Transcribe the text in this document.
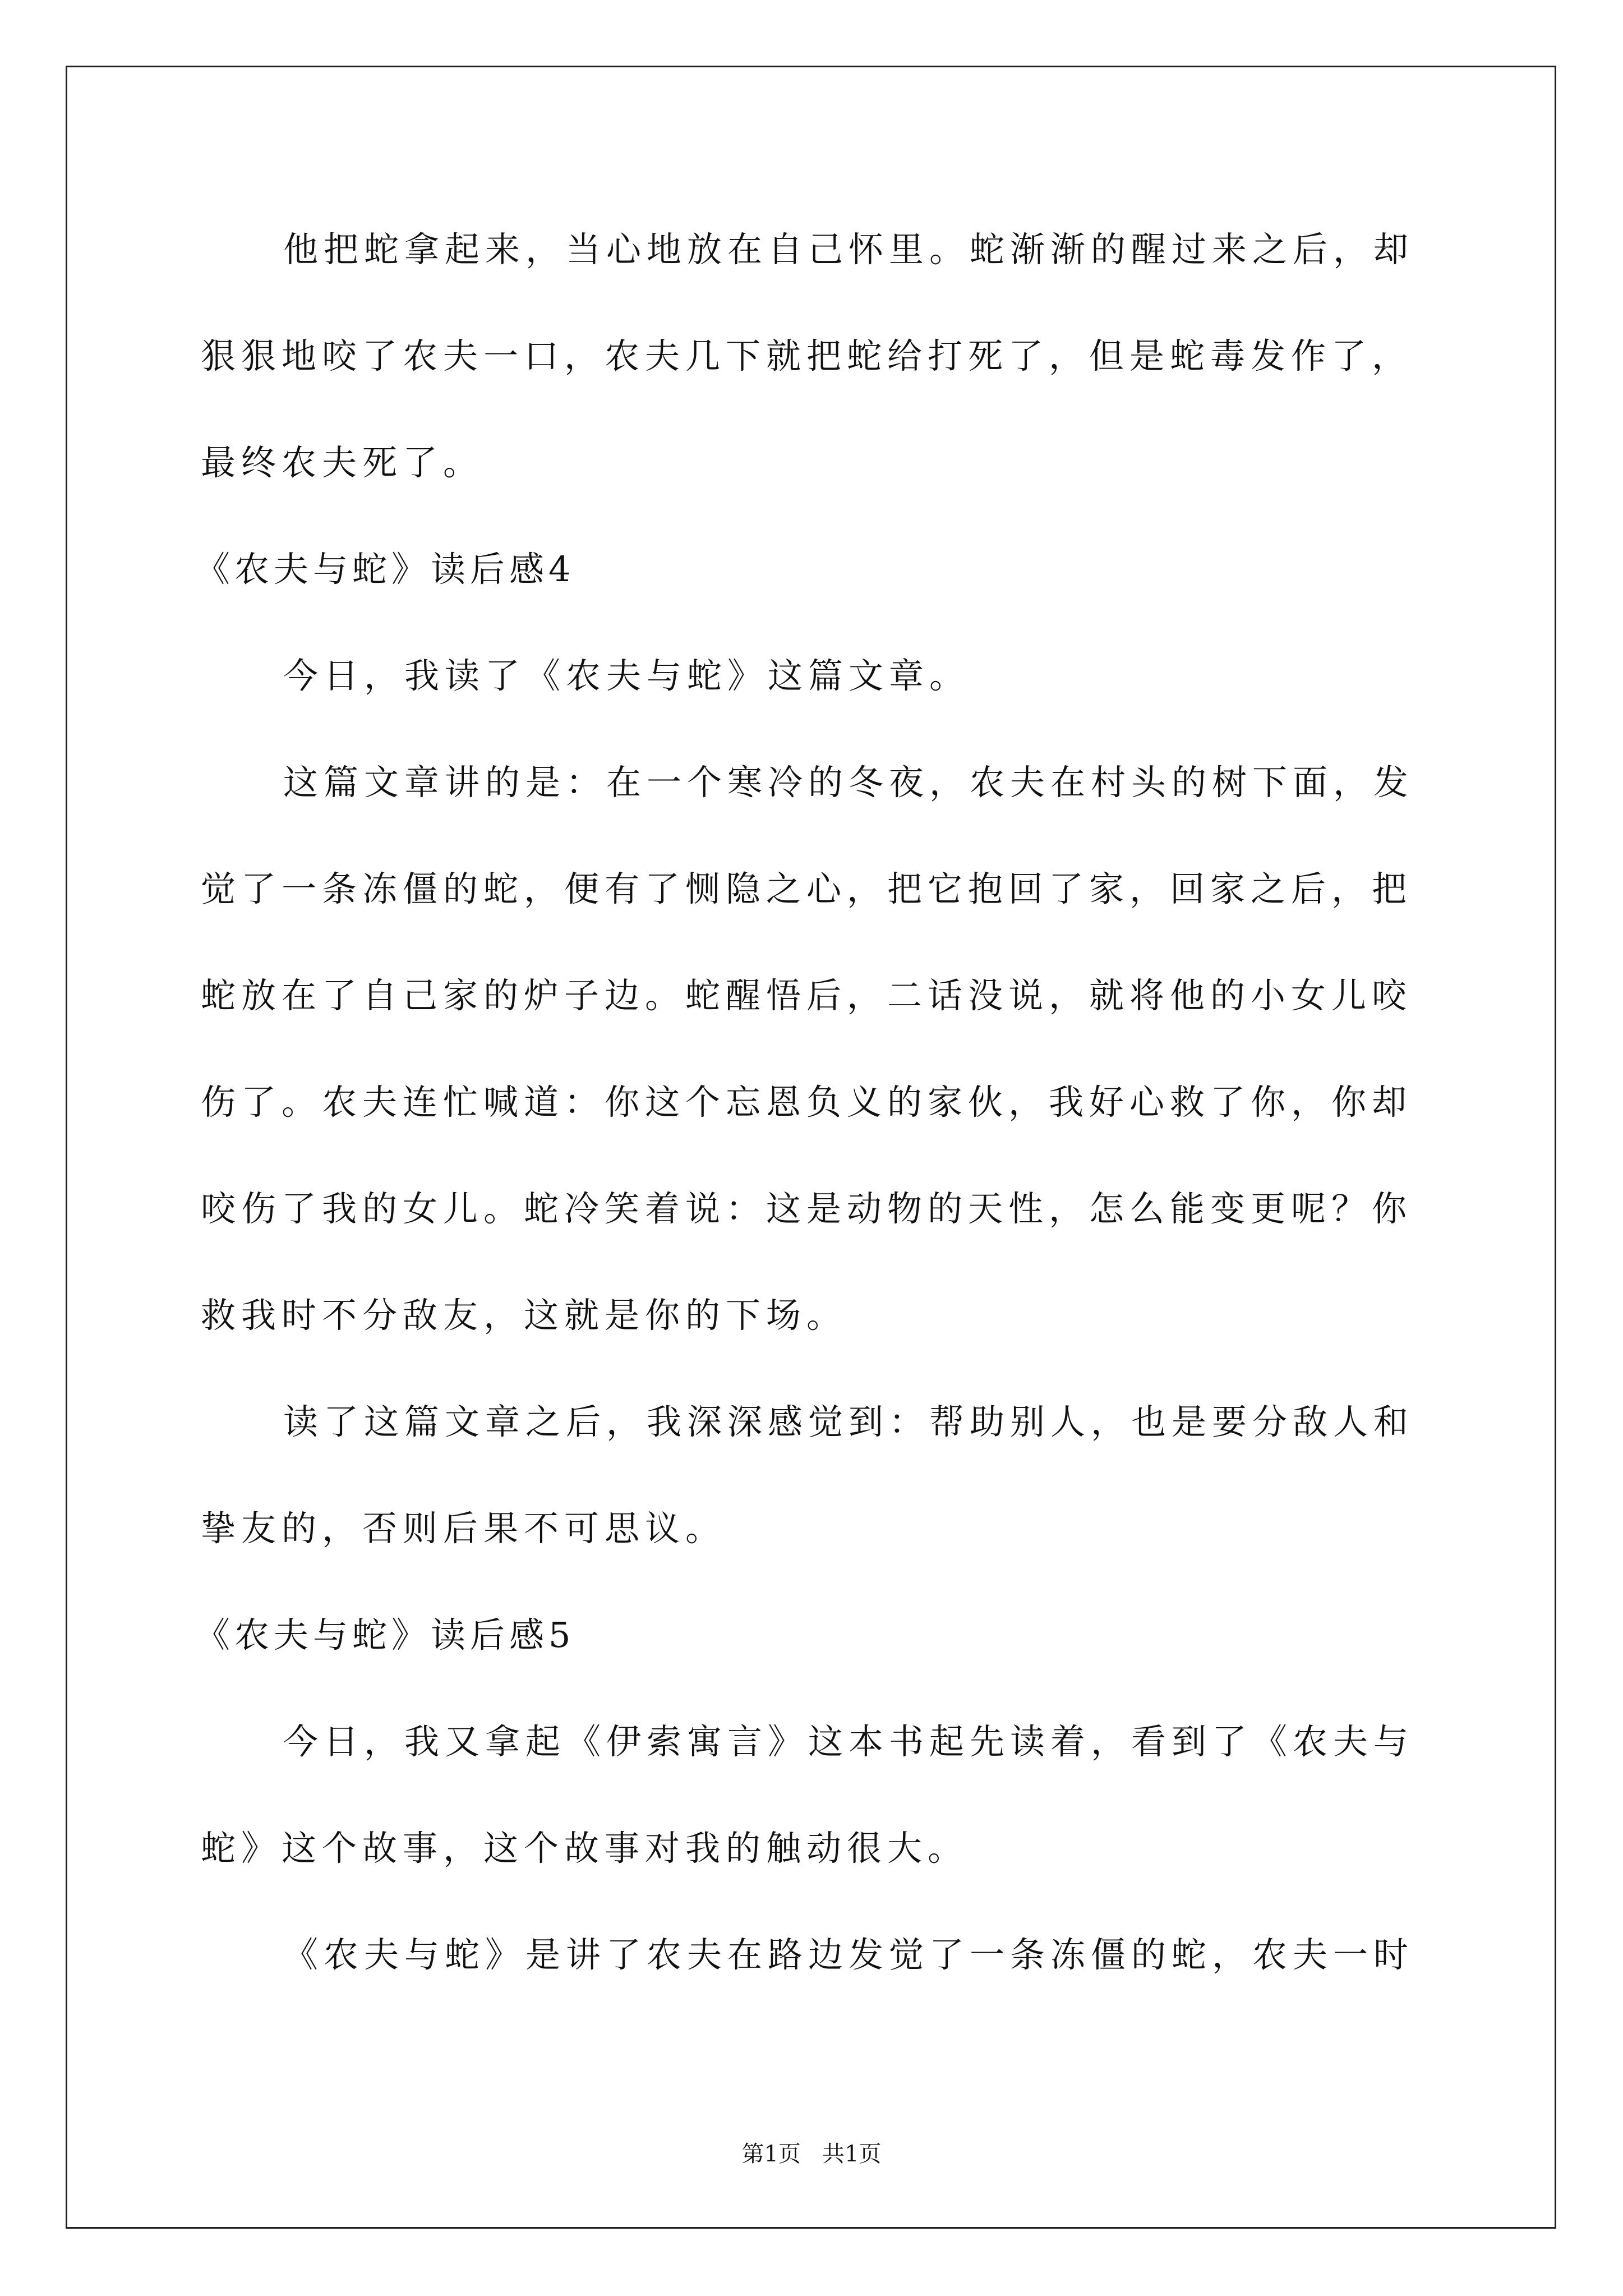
他把蛇拿起来，当心地放在自己怀里。蛇渐渐的醒过来之后，却
狠狠地咬了农夫一口，农夫几下就把蛇给打死了，但是蛇毒发作了，
最终农夫死了。
《农夫与蛇》读后感4
今日，我读了《农夫与蛇》这篇文章。
这篇文章讲的是：在一个寒冷的冬夜，农夫在村头的树下面，发
觉了一条冻僵的蛇，便有了恻隐之心，把它抱回了家，回家之后，把
蛇放在了自己家的炉子边。蛇醒悟后，二话没说，就将他的小女儿咬
伤了。农夫连忙喊道：你这个忘恩负义的家伙，我好心救了你，你却
咬伤了我的女儿。蛇冷笑着说：这是动物的天性，怎么能变更呢？你
救我时不分敌友，这就是你的下场。
读了这篇文章之后，我深深感觉到：帮助别人，也是要分敌人和
挚友的，否则后果不可思议。
《农夫与蛇》读后感5
今日，我又拿起《伊索寓言》这本书起先读着，看到了《农夫与
蛇》这个故事，这个故事对我的触动很大。
《农夫与蛇》是讲了农夫在路边发觉了一条冻僵的蛇，农夫一时
第1页   共1页
